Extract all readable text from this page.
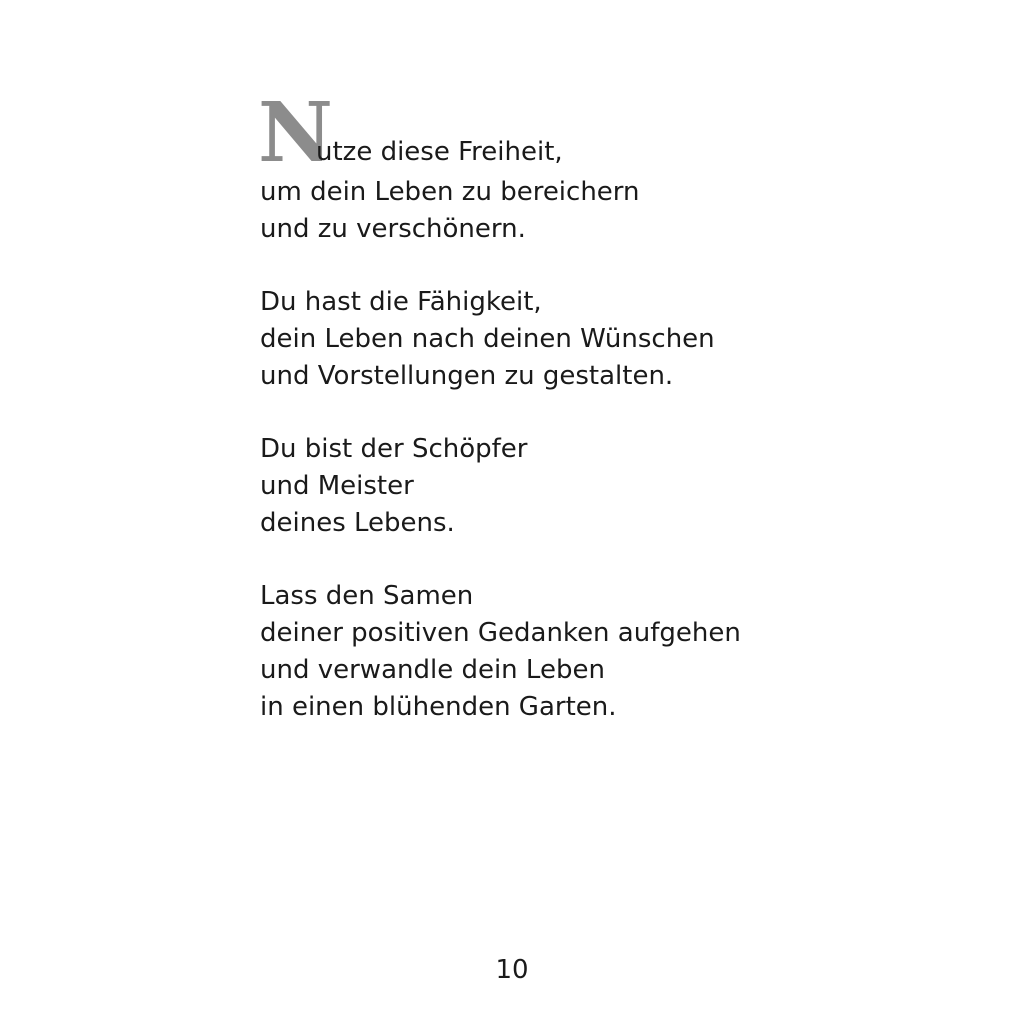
N
utze diese Freiheit,
um dein Leben zu bereichern
und zu verschönern.
Du hast die Fähigkeit,
dein Leben nach deinen Wünschen
und Vorstellungen zu gestalten.
Du bist der Schöpfer
und Meister
deines Lebens.
Lass den Samen
deiner positiven Gedanken aufgehen
und verwandle dein Leben
in einen blühenden Garten.
10
